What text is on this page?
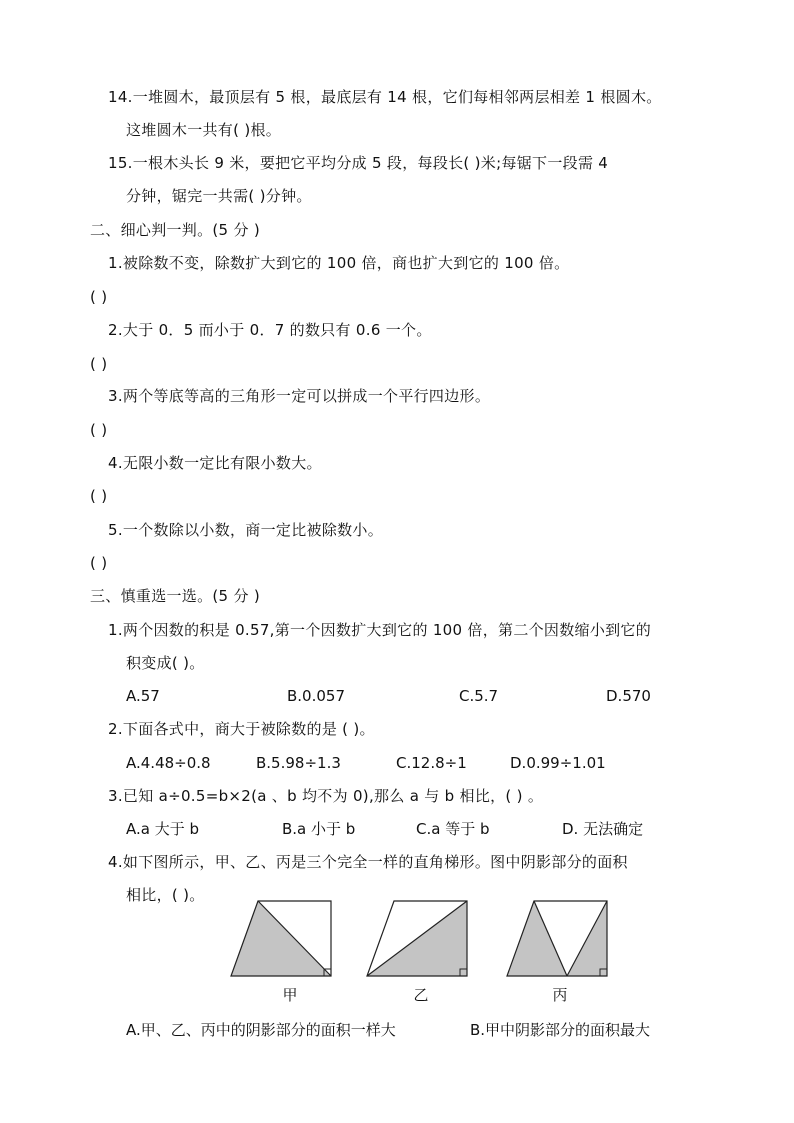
14.一堆圆木，最顶层有 5 根，最底层有 14 根，它们每相邻两层相差 1 根圆木。
这堆圆木一共有( )根。
15.一根木头长 9 米，要把它平均分成 5 段，每段长( )米;每锯下一段需 4
分钟，锯完一共需( )分钟。
二、细心判一判。(5 分 )
1.被除数不变，除数扩大到它的 100 倍，商也扩大到它的 100 倍。
( )
2.大于 0．5 而小于 0．7 的数只有 0.6 一个。
( )
3.两个等底等高的三角形一定可以拼成一个平行四边形。
( )
4.无限小数一定比有限小数大。
( )
5.一个数除以小数，商一定比被除数小。
( )
三、慎重选一选。(5 分 )
1.两个因数的积是 0.57,第一个因数扩大到它的 100 倍，第二个因数缩小到它的
积变成( )。
A.57	B.0.057	C.5.7	D.570
2.下面各式中，商大于被除数的是 ( )。
A.4.48÷0.8	B.5.98÷1.3	C.12.8÷1	D.0.99÷1.01
3.已知 a÷0.5=b×2(a 、b 均不为 0),那么 a 与 b 相比，( ) 。
A.a 大于 b	B.a 小于 b	C.a 等于 b	D. 无法确定
4.如下图所示，甲、乙、丙是三个完全一样的直角梯形。图中阴影部分的面积
相比，( )。
甲	乙	丙
A.甲、乙、丙中的阴影部分的面积一样大	B.甲中阴影部分的面积最大
